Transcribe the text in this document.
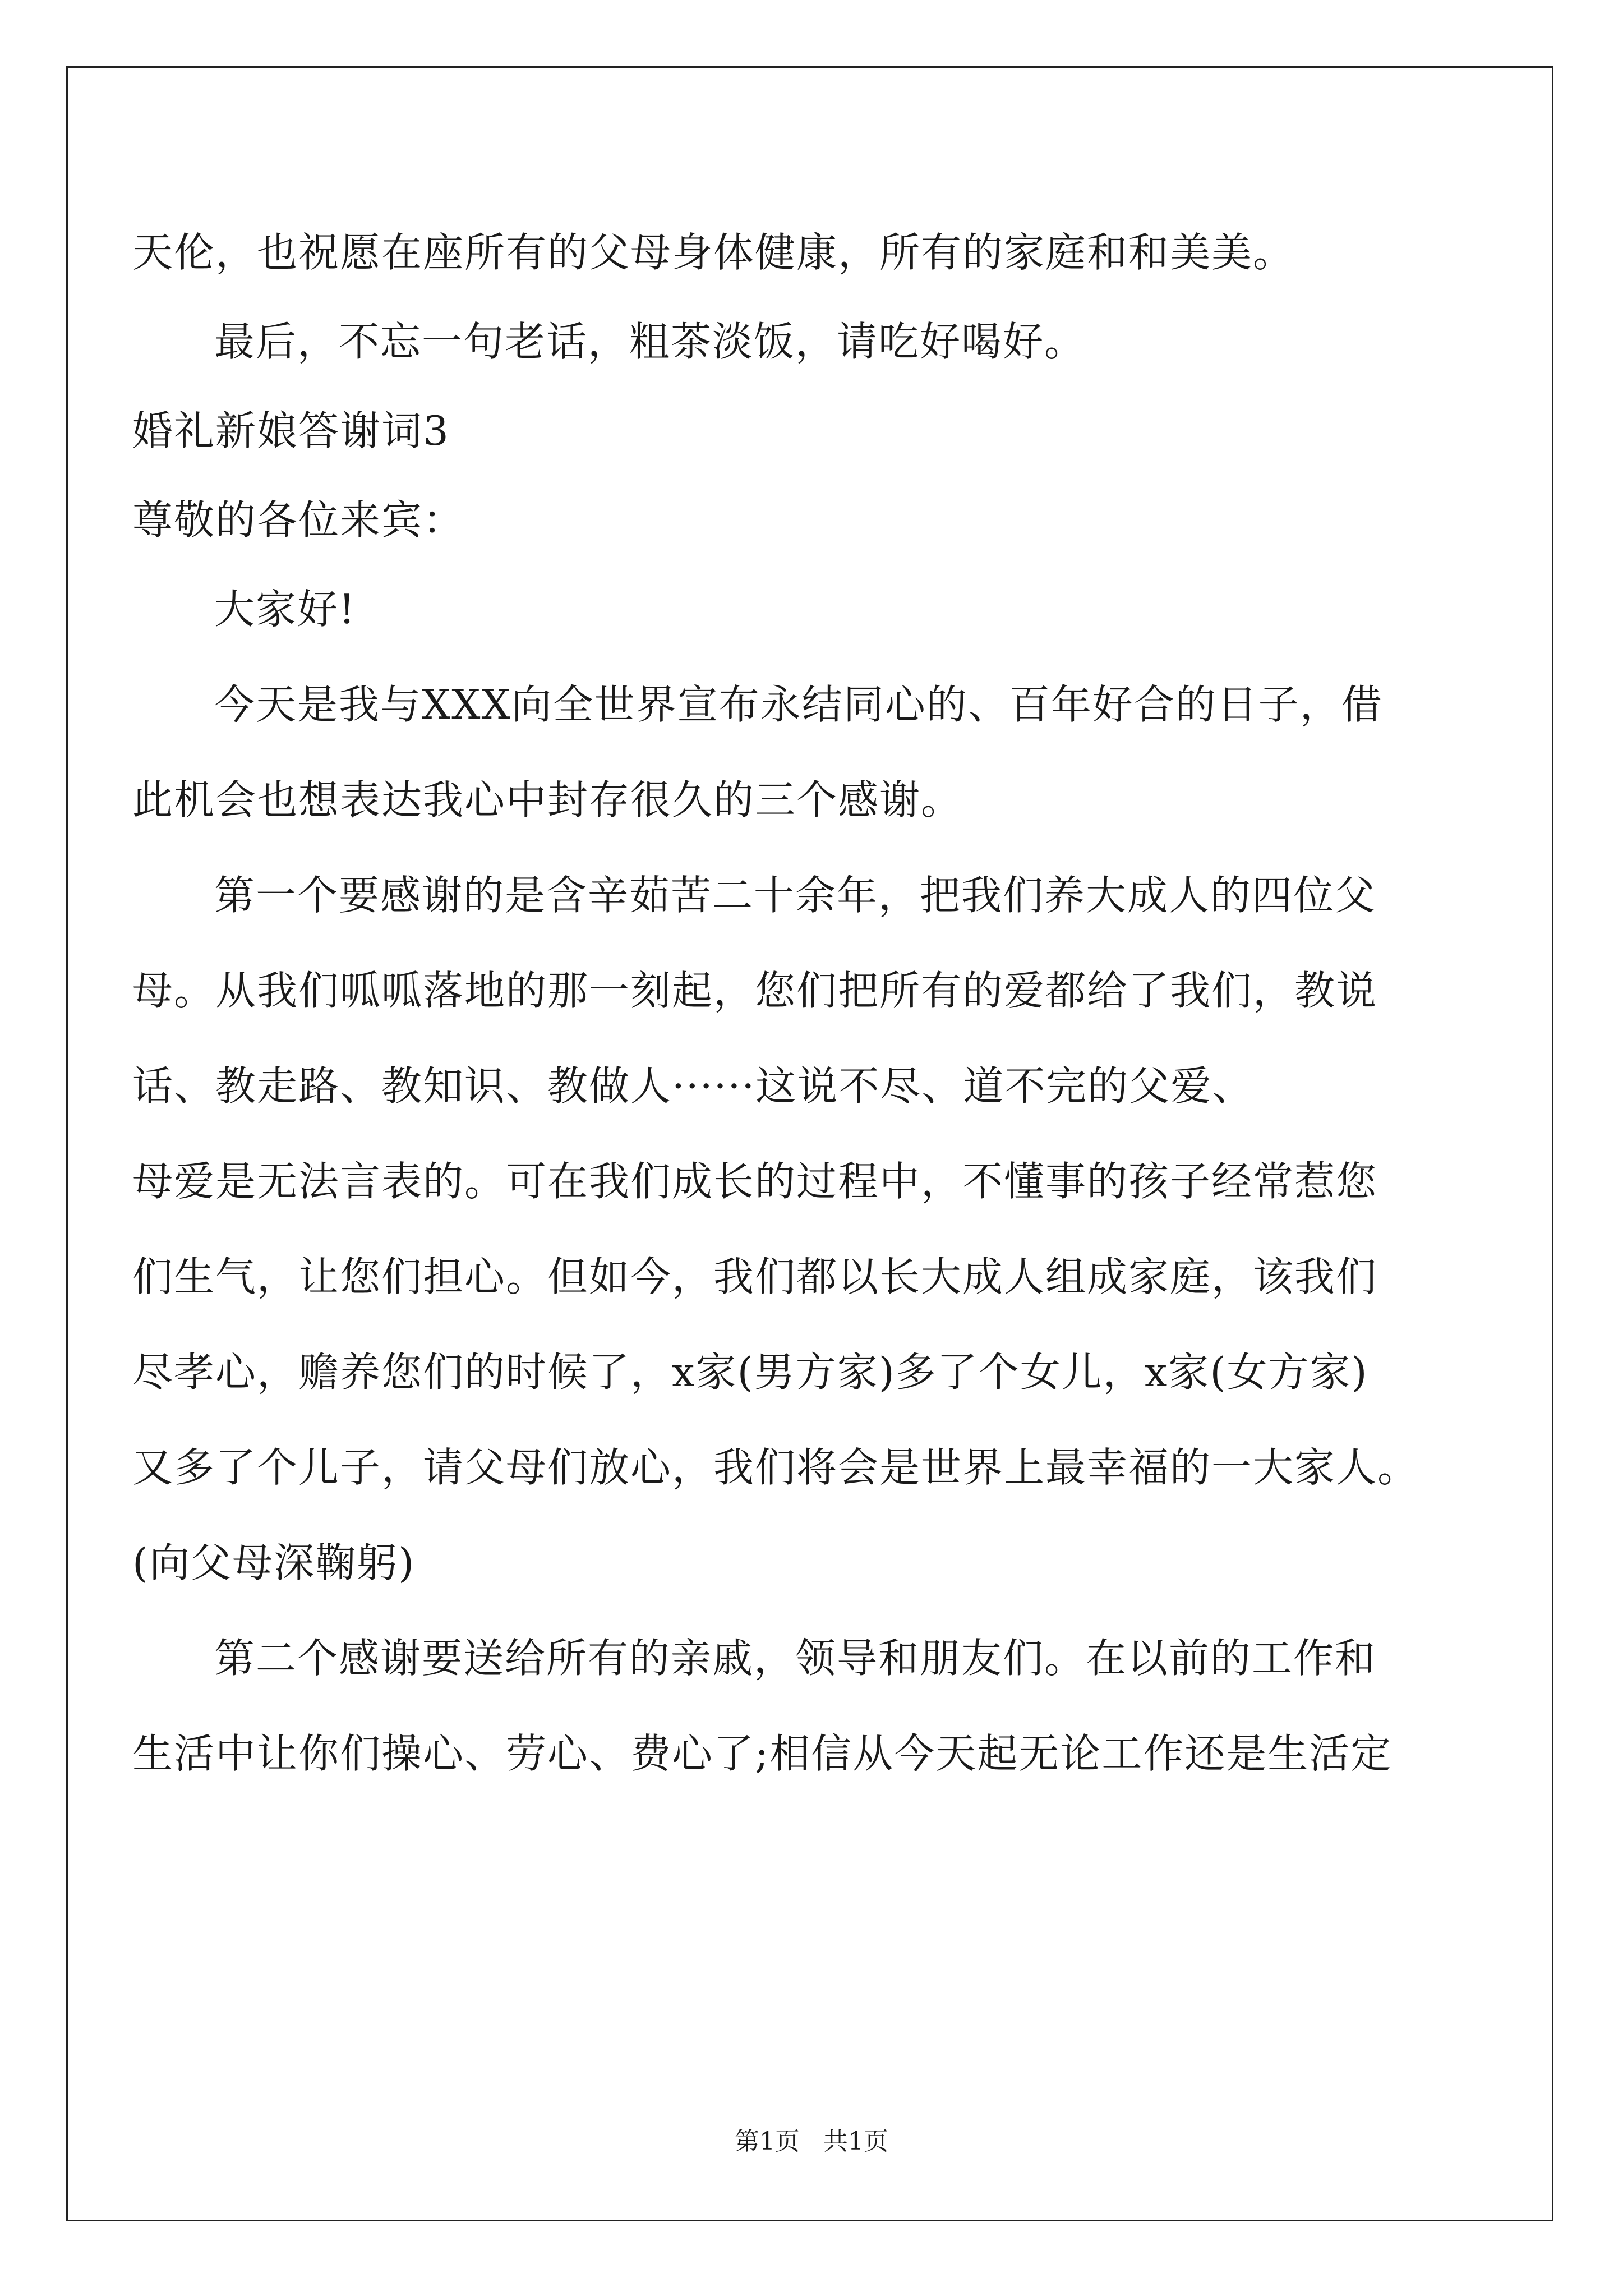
天伦，也祝愿在座所有的父母身体健康，所有的家庭和和美美。
最后，不忘一句老话，粗茶淡饭，请吃好喝好。
婚礼新娘答谢词3
尊敬的各位来宾：
大家好!
今天是我与XXX向全世界宣布永结同心的、百年好合的日子，借
此机会也想表达我心中封存很久的三个感谢。
第一个要感谢的是含辛茹苦二十余年，把我们养大成人的四位父
母。从我们呱呱落地的那一刻起，您们把所有的爱都给了我们，教说
话、教走路、教知识、教做人······这说不尽、道不完的父爱、
母爱是无法言表的。可在我们成长的过程中，不懂事的孩子经常惹您
们生气，让您们担心。但如今，我们都以长大成人组成家庭，该我们
尽孝心，赡养您们的时候了，x家(男方家)多了个女儿，x家(女方家)
又多了个儿子，请父母们放心，我们将会是世界上最幸福的一大家人。
(向父母深鞠躬)
第二个感谢要送给所有的亲戚，领导和朋友们。在以前的工作和
生活中让你们操心、劳心、费心了;相信从今天起无论工作还是生活定
第1页   共1页
